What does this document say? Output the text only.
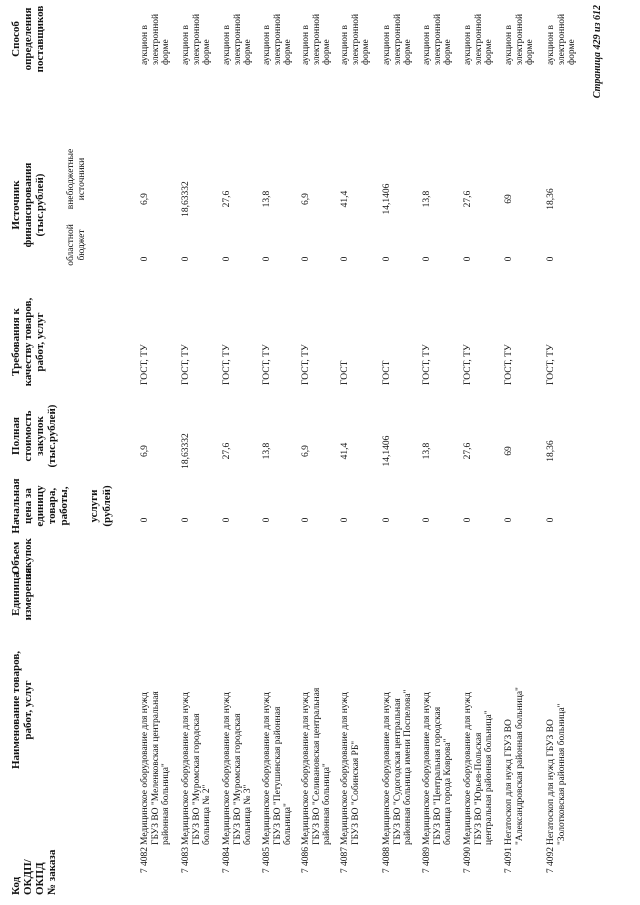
Код ОКДП/ ОКПД № заказа
Наименование товаров, работ, услуг
Единица измерения
Объем закупок
Начальная цена за единицу товара, работы, услуги (рублей)
Полная стоимость закупок (тыс.рублей)
Требования к качеству товаров, работ, услуг
Источник финансирования (тыс.рублей)
областной бюджет
внебюджетные источники
Способ определения поставщиков
7 4082
Медицинское оборудование для нужд ГБУЗ ВО "Меленковская центральная районная больница"
0
6,9
ГОСТ, ТУ
0
6,9
аукцион в электронной форме
7 4083
Медицинское оборудование для нужд ГБУЗ ВО "Муромская городская больница № 2"
0
18,63332
ГОСТ, ТУ
0
18,63332
аукцион в электронной форме
7 4084
Медицинское оборудование для нужд ГБУЗ ВО "Муромская городская больница № 3"
0
27,6
ГОСТ, ТУ
0
27,6
аукцион в электронной форме
7 4085
Медицинское оборудование для нужд ГБУЗ ВО "Петушинская районная больница"
0
13,8
ГОСТ, ТУ
0
13,8
аукцион в электронной форме
7 4086
Медицинское оборудование для нужд ГБУЗ ВО "Селивановская центральная районная больница"
0
6,9
ГОСТ, ТУ
0
6,9
аукцион в электронной форме
7 4087
Медицинское оборудование для нужд ГБУЗ ВО "Собинская РБ"
0
41,4
ГОСТ
0
41,4
аукцион в электронной форме
7 4088
Медицинское оборудование для нужд ГБУЗ ВО "Судогодская центральная районная больница имени Поспелова"
0
14,1406
ГОСТ
0
14,1406
аукцион в электронной форме
7 4089
Медицинское оборудование для нужд ГБУЗ ВО "Центральная городская больница города Коврова"
0
13,8
ГОСТ, ТУ
0
13,8
аукцион в электронной форме
7 4090
Медицинское оборудование для нужд ГБУЗ ВО "Юрьев-Польская центральная районная больница"
0
27,6
ГОСТ, ТУ
0
27,6
аукцион в электронной форме
7 4091
Негатоскоп для нужд ГБУЗ ВО "Александровская районная больница"
0
69
ГОСТ, ТУ
0
69
аукцион в электронной форме
7 4092
Негатоскоп для нужд ГБУЗ ВО "Золотковская районная больница"
0
18,36
ГОСТ, ТУ
0
18,36
аукцион в электронной форме Страница 429 из 612
